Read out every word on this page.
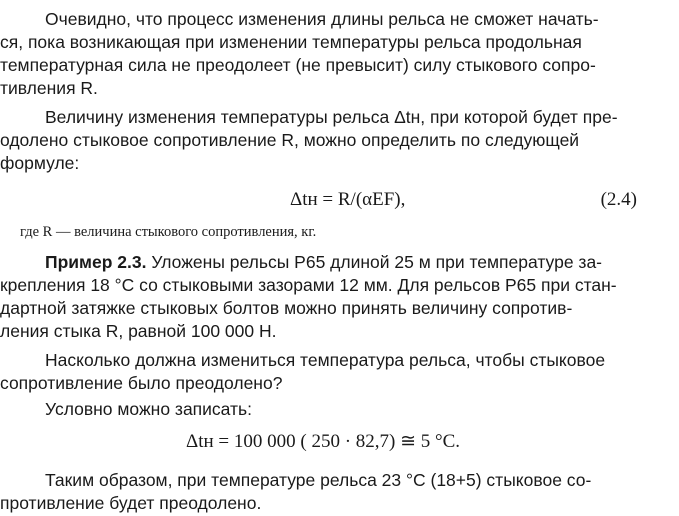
Очевидно, что процесс изменения длины рельса не сможет начать-
ся, пока возникающая при изменении температуры рельса продольная
температурная сила не преодолеет (не превысит) силу стыкового сопро-
тивления R.

Величину изменения температуры рельса Δtн, при которой будет пре-
одолено стыковое сопротивление R, можно определить по следующей
формуле:

Δtн = R/(αEF),	(2.4)
где R — величина стыкового сопротивления, кг.

Пример 2.3. Уложены рельсы Р65 длиной 25 м при температуре за-
крепления 18 °С со стыковыми зазорами 12 мм. Для рельсов Р65 при стан-
дартной затяжке стыковых болтов можно принять величину сопротив-
ления стыка R, равной 100 000 Н.

Насколько должна измениться температура рельса, чтобы стыковое
сопротивление было преодолено?

Условно можно записать:

Δtн = 100 000 ( 250 · 82,7) ≅ 5 °С.

Таким образом, при температуре рельса 23 °С (18+5) стыковое со-
противление будет преодолено.
